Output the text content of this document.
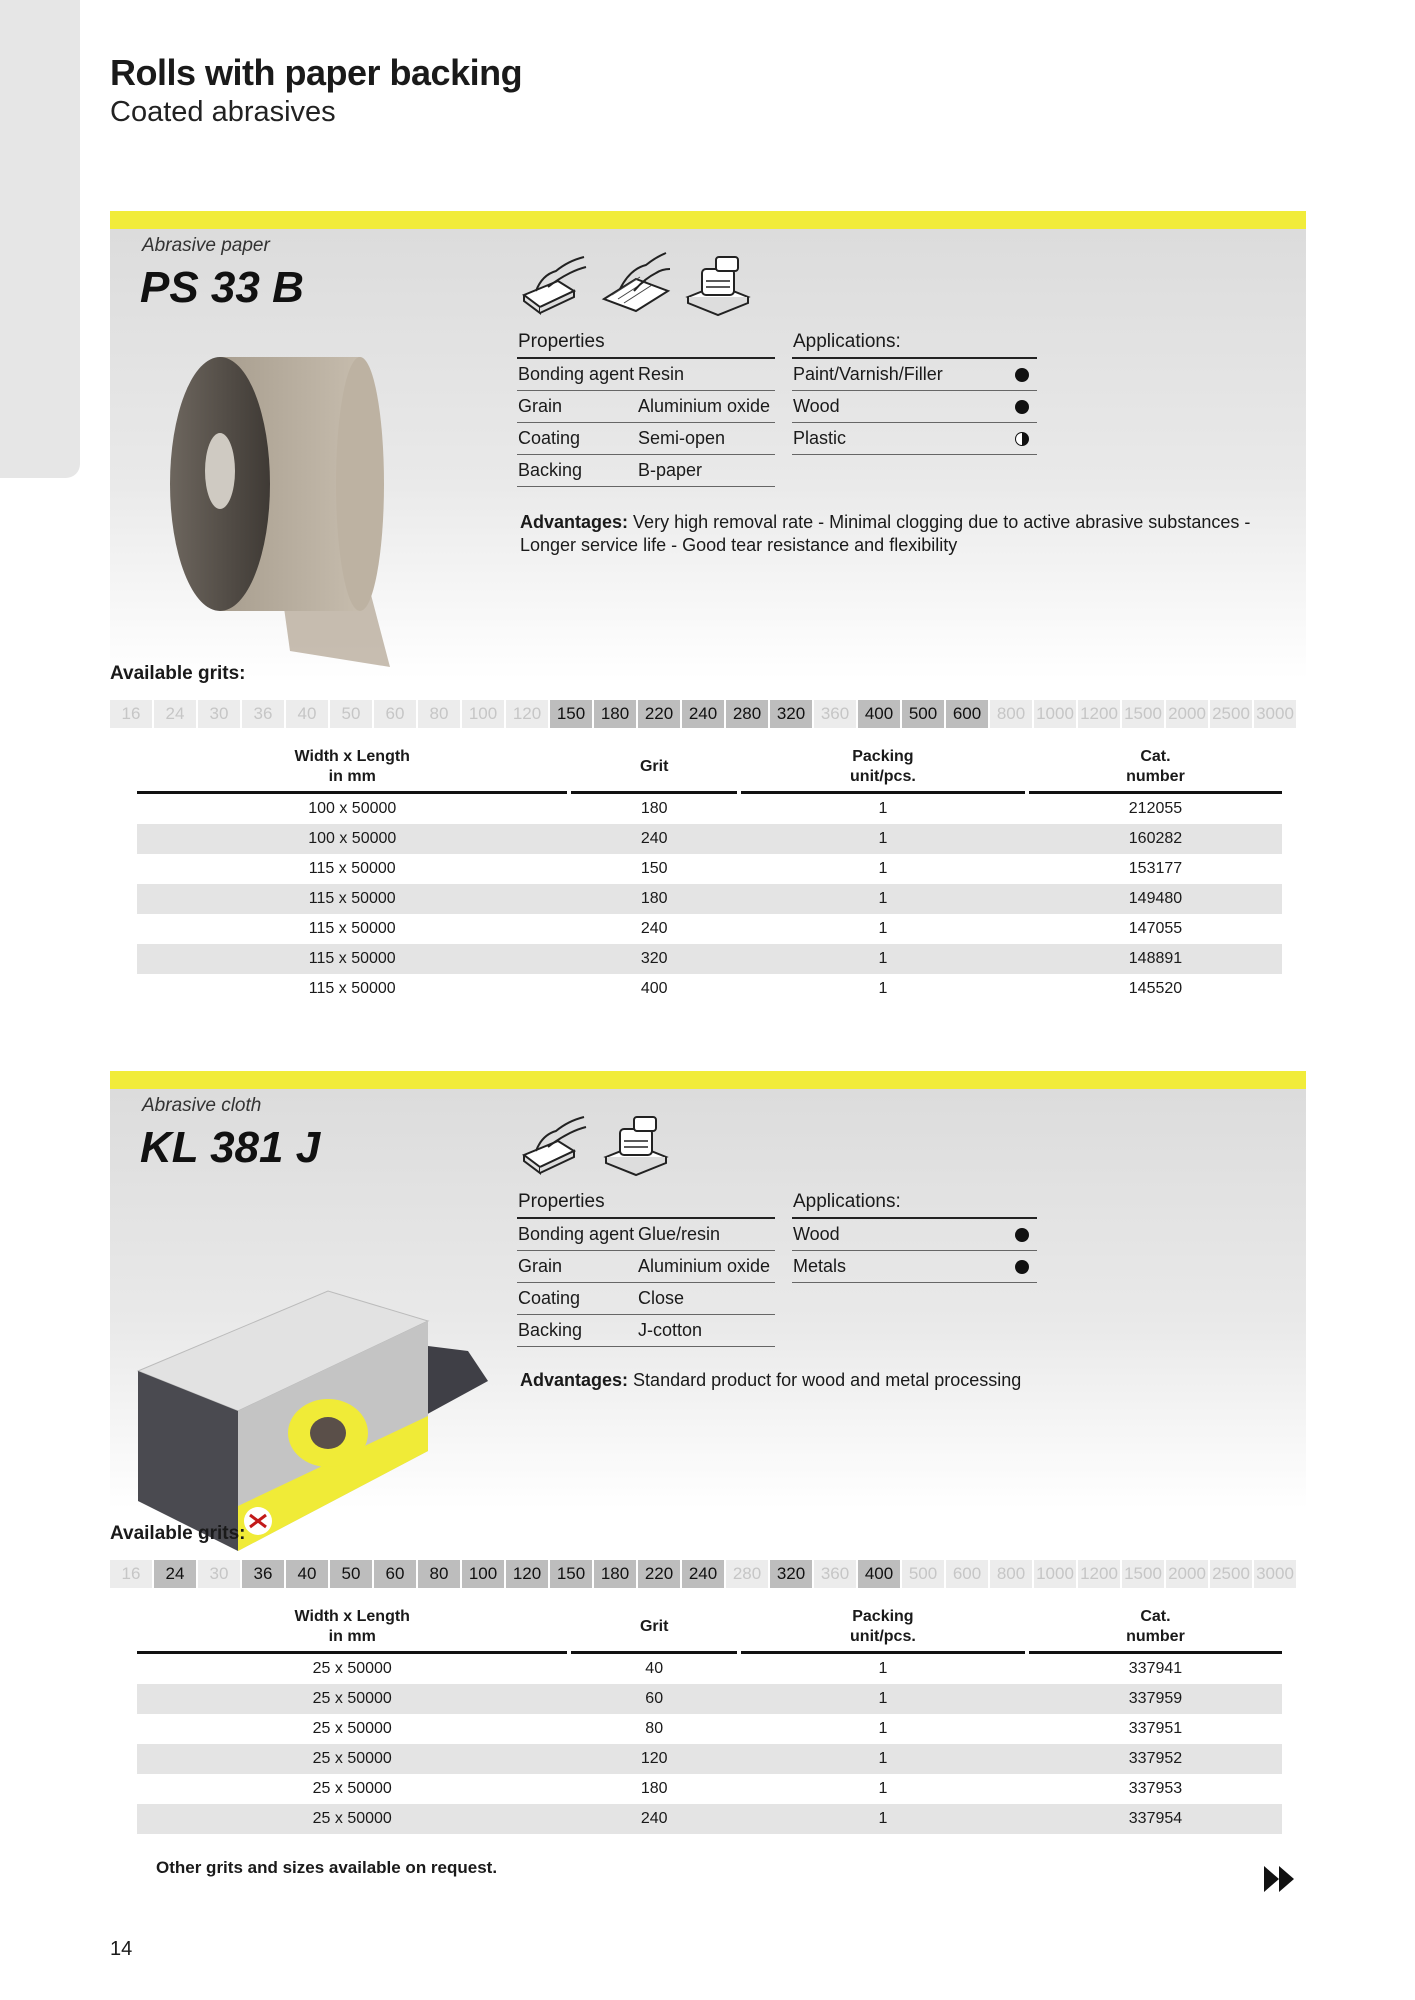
Rolls with paper backing
Coated abrasives
Abrasive paper
PS 33 B
Properties
Bonding agent Resin
Grain	Aluminium oxide
Coating	Semi-open
Backing	B-paper
Applications:
Paint/Varnish/Filler
Wood
Plastic
Advantages: Very high removal rate - Minimal clogging due to active abrasive substances - Longer service life - Good tear resistance and flexibility
Available grits:
16	24	30	36	40	50	60	80	100 120 150 180 220 240 280 320 360 400 500 600 800 1000 1200 1500 2000 2500 3000
Width x Length
in mm
Grit
Packing
unit/pcs.
Cat.
number
100 x 50000	180	1	212055
100 x 50000	240	1	160282
115 x 50000	150	1	153177
115 x 50000	180	1	149480
115 x 50000	240	1	147055
115 x 50000	320	1	148891
115 x 50000	400	1	145520
Abrasive cloth
KL 381 J
Properties
Bonding agent Glue/resin
Grain	Aluminium oxide
Coating	Close
Backing	J-cotton
Applications:
Wood
Metals
Advantages: Standard product for wood and metal processing
Available grits:
16	24	30	36	40	50	60	80	100 120 150 180 220 240 280 320 360 400 500 600 800 1000 1200 1500 2000 2500 3000
Width x Length
in mm
Grit
Packing
unit/pcs.
Cat.
number
25 x 50000	40	1	337941
25 x 50000	60	1	337959
25 x 50000	80	1	337951
25 x 50000	120	1	337952
25 x 50000	180	1	337953
25 x 50000	240	1	337954
Other grits and sizes available on request.
14
